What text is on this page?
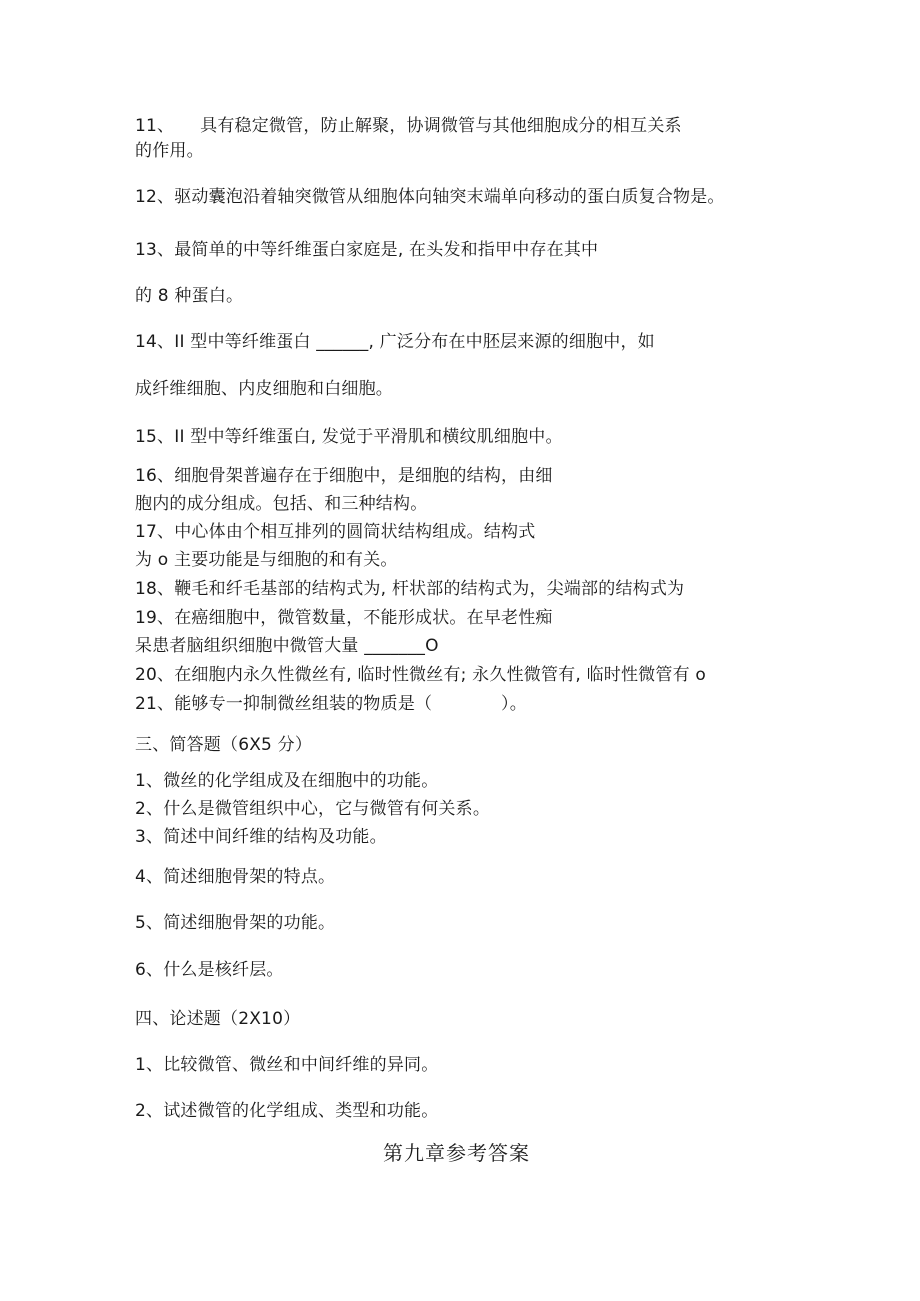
11、　　具有稳定微管，防止解聚，协调微管与其他细胞成分的相互关系
的作用。
12、驱动囊泡沿着轴突微管从细胞体向轴突末端单向移动的蛋白质复合物是。
13、最简单的中等纤维蛋白家庭是, 在头发和指甲中存在其中
的 8 种蛋白。
14、II 型中等纤维蛋白 ______, 广泛分布在中胚层来源的细胞中，如
成纤维细胞、内皮细胞和白细胞。
15、II 型中等纤维蛋白, 发觉于平滑肌和横纹肌细胞中。
16、细胞骨架普遍存在于细胞中，是细胞的结构，由细
胞内的成分组成。包括、和三种结构。
17、中心体由个相互排列的圆筒状结构组成。结构式
为 o 主要功能是与细胞的和有关。
18、鞭毛和纤毛基部的结构式为, 杆状部的结构式为，尖端部的结构式为
19、在癌细胞中，微管数量，不能形成状。在早老性痴
呆患者脑组织细胞中微管大量 _______O
20、在细胞内永久性微丝有, 临时性微丝有; 永久性微管有, 临时性微管有 o
21、能够专一抑制微丝组装的物质是（　　　　）。
三、简答题（6X5 分）
1、微丝的化学组成及在细胞中的功能。
2、什么是微管组织中心，它与微管有何关系。
3、简述中间纤维的结构及功能。
4、简述细胞骨架的特点。
5、简述细胞骨架的功能。
6、什么是核纤层。
四、论述题（2X10）
1、比较微管、微丝和中间纤维的异同。
2、试述微管的化学组成、类型和功能。
第九章参考答案
